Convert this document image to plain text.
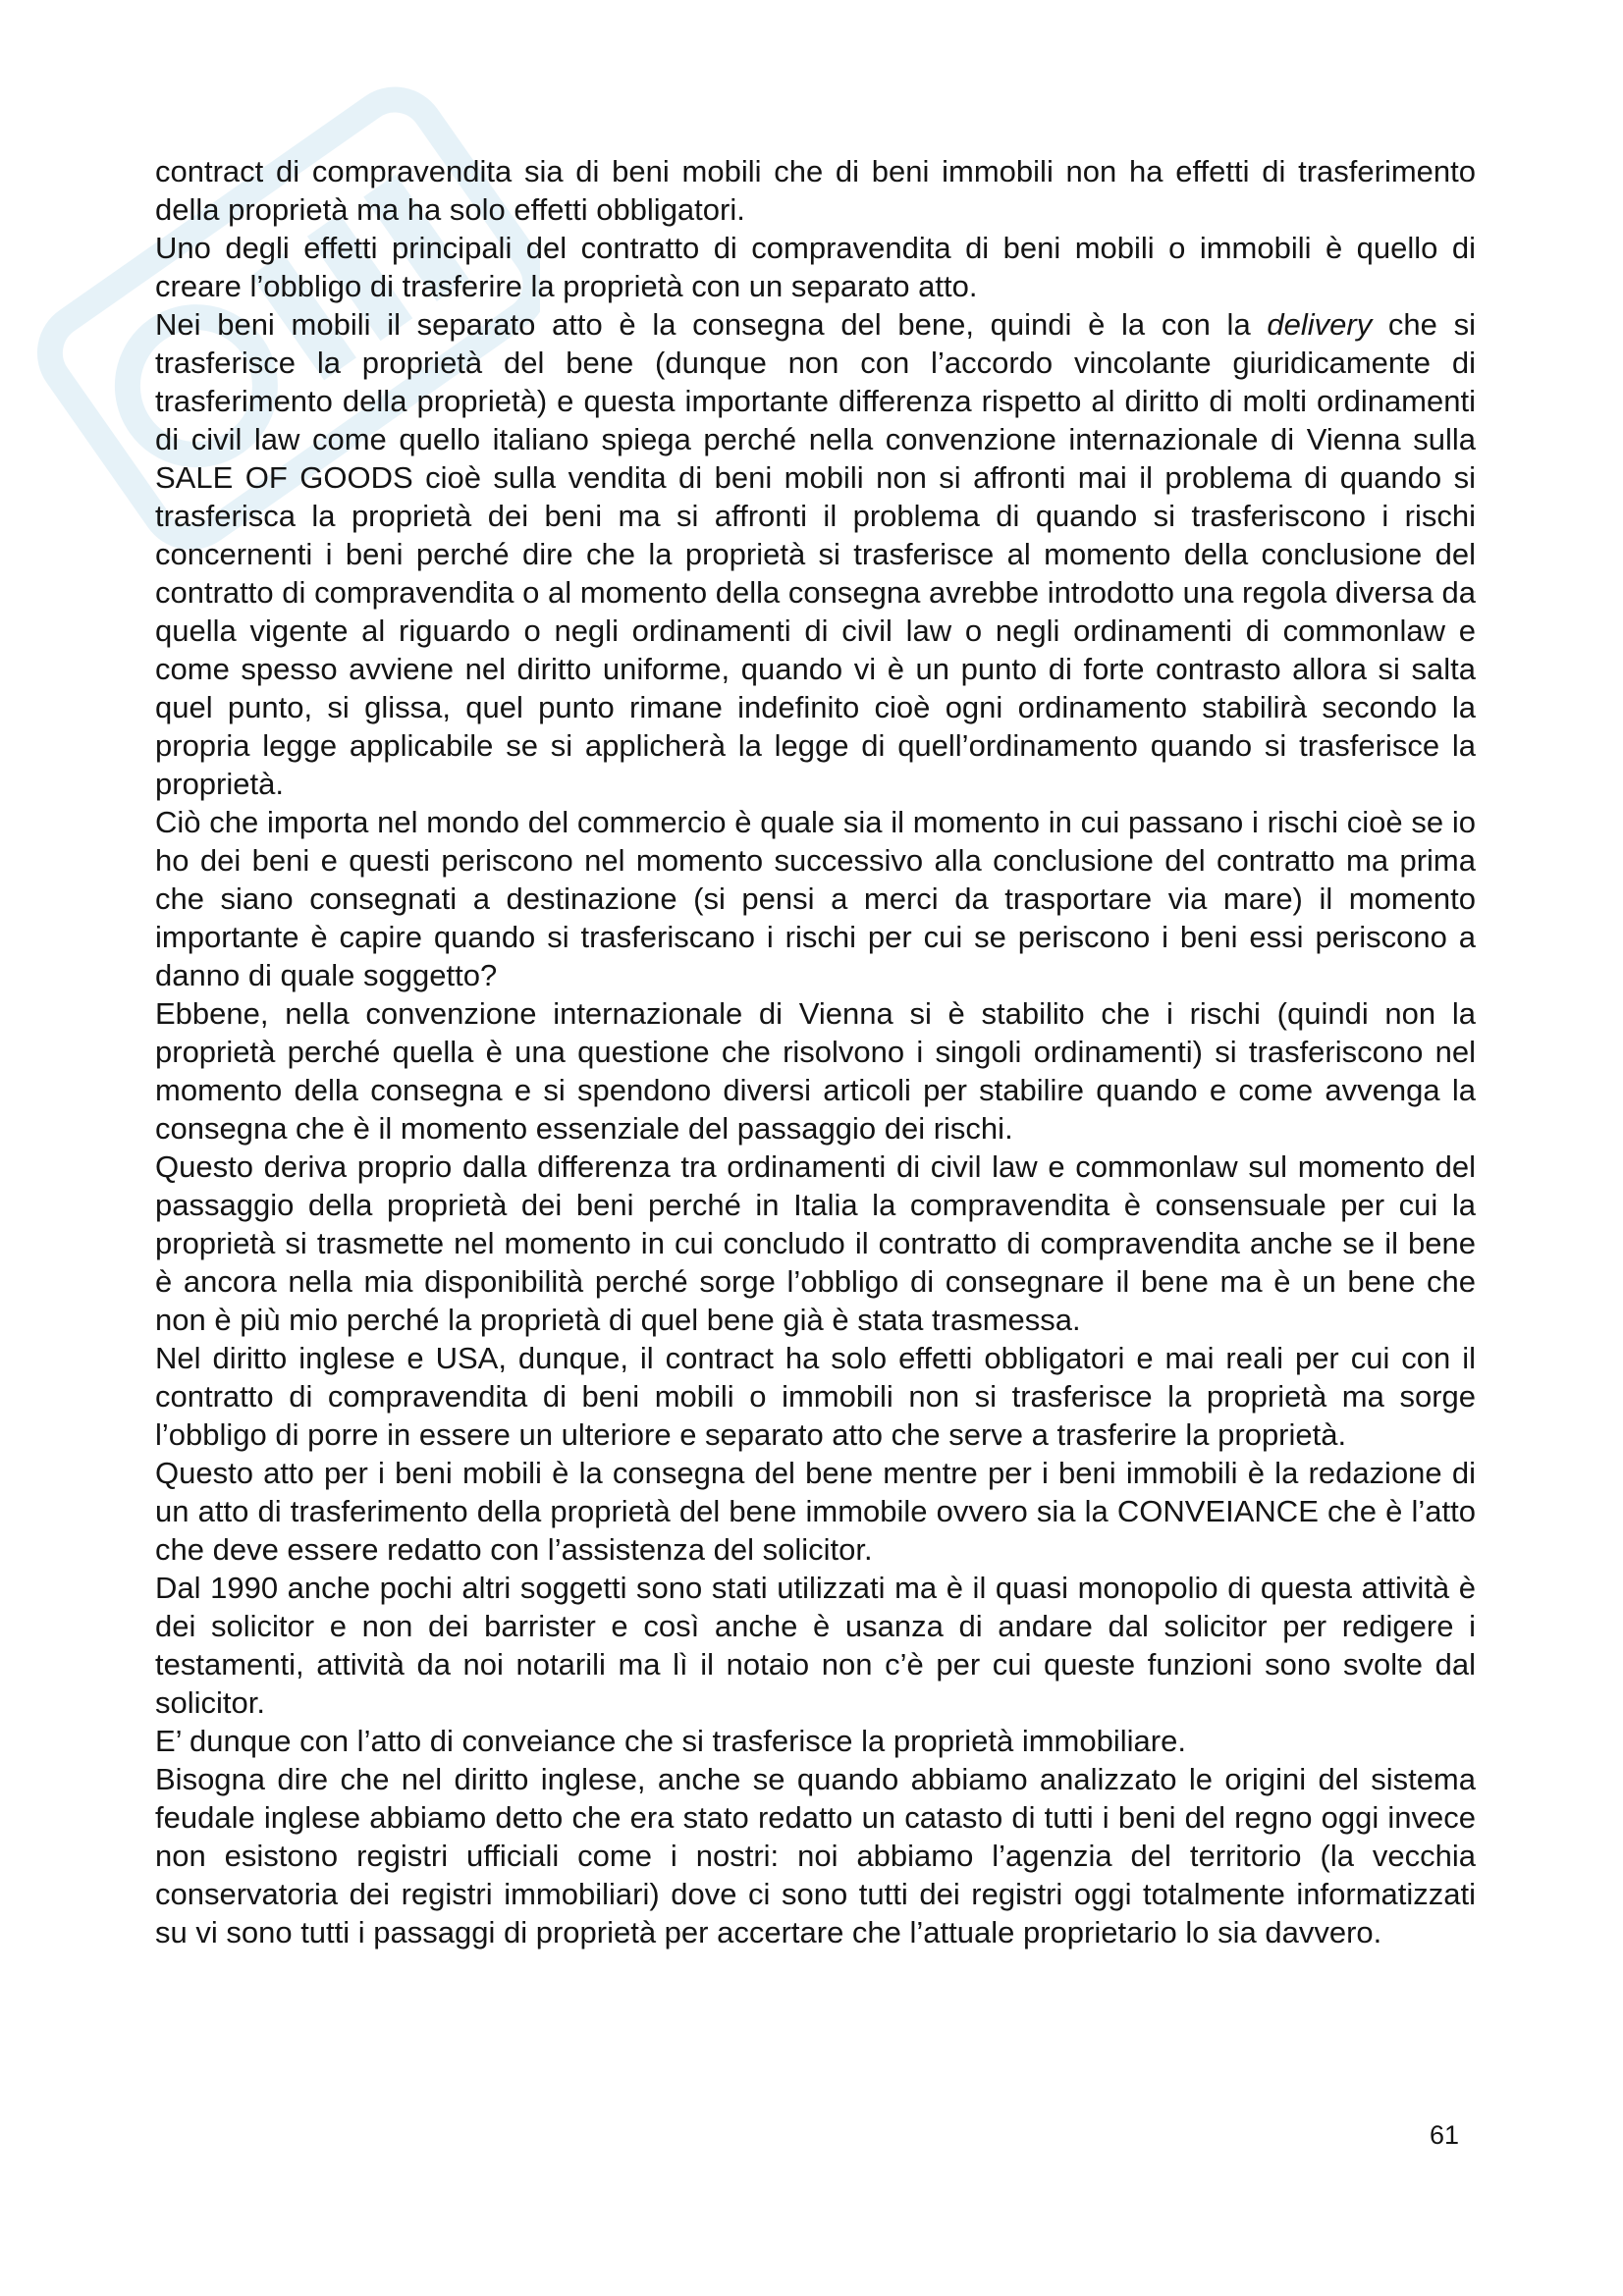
contract di compravendita sia di beni mobili che di beni immobili non ha effetti di trasferimento della proprietà ma ha solo effetti obbligatori.

Uno degli effetti principali del contratto di compravendita di beni mobili o immobili è quello di creare l’obbligo di trasferire la proprietà con un separato atto.

Nei beni mobili il separato atto è la consegna del bene, quindi è la con la delivery che si trasferisce la proprietà del bene (dunque non con l’accordo vincolante giuridicamente di trasferimento della proprietà) e questa importante differenza rispetto al diritto di molti ordinamenti di civil law come quello italiano spiega perché nella convenzione internazionale di Vienna sulla SALE OF GOODS cioè sulla vendita di beni mobili non si affronti mai il problema di quando si trasferisca la proprietà dei beni ma si affronti il problema di quando si trasferiscono i rischi concernenti i beni perché dire che la proprietà si trasferisce al momento della conclusione del contratto di compravendita o al momento della consegna avrebbe introdotto una regola diversa da quella vigente al riguardo o negli ordinamenti di civil law o negli ordinamenti di commonlaw e come spesso avviene nel diritto uniforme, quando vi è un punto di forte contrasto allora si salta quel punto, si glissa, quel punto rimane indefinito cioè ogni ordinamento stabilirà secondo la propria legge applicabile se si applicherà la legge di quell’ordinamento quando si trasferisce la proprietà.

Ciò che importa nel mondo del commercio è quale sia il momento in cui passano i rischi cioè se io ho dei beni e questi periscono nel momento successivo alla conclusione del contratto ma prima che siano consegnati a destinazione (si pensi a merci da trasportare via mare) il momento importante è capire quando si trasferiscano i rischi per cui se periscono i beni essi periscono a danno di quale soggetto?

Ebbene, nella convenzione internazionale di Vienna si è stabilito che i rischi (quindi non la proprietà perché quella è una questione che risolvono i singoli ordinamenti) si trasferiscono nel momento della consegna e si spendono diversi articoli per stabilire quando e come avvenga la consegna che è il momento essenziale del passaggio dei rischi.

Questo deriva proprio dalla differenza tra ordinamenti di civil law e commonlaw sul momento del passaggio della proprietà dei beni perché in Italia la compravendita è consensuale per cui la proprietà si trasmette nel momento in cui concludo il contratto di compravendita anche se il bene è ancora nella mia disponibilità perché sorge l’obbligo di consegnare il bene ma è un bene che non è più mio perché la proprietà di quel bene già è stata trasmessa.

Nel diritto inglese e USA, dunque, il contract ha solo effetti obbligatori e mai reali per cui con il contratto di compravendita di beni mobili o immobili non si trasferisce la proprietà ma sorge l’obbligo di porre in essere un ulteriore e separato atto che serve a trasferire la proprietà.

Questo atto per i beni mobili è la consegna del bene mentre per i beni immobili è la redazione di un atto di trasferimento della proprietà del bene immobile ovvero sia la CONVEIANCE che è l’atto che deve essere redatto con l’assistenza del solicitor.

Dal 1990 anche pochi altri soggetti sono stati utilizzati ma è il quasi monopolio di questa attività è dei solicitor e non dei barrister e così anche è usanza di andare dal solicitor per redigere i testamenti, attività da noi notarili ma lì il notaio non c’è per cui queste funzioni sono svolte dal solicitor.

E’ dunque con l’atto di conveiance che si trasferisce la proprietà immobiliare.

Bisogna dire che nel diritto inglese, anche se quando abbiamo analizzato le origini del sistema feudale inglese abbiamo detto che era stato redatto un catasto di tutti i beni del regno oggi invece non esistono registri ufficiali come i nostri: noi abbiamo l’agenzia del territorio (la vecchia conservatoria dei registri immobiliari) dove ci sono tutti dei registri oggi totalmente informatizzati su vi sono tutti i passaggi di proprietà per accertare che l’attuale proprietario lo sia davvero.

61
